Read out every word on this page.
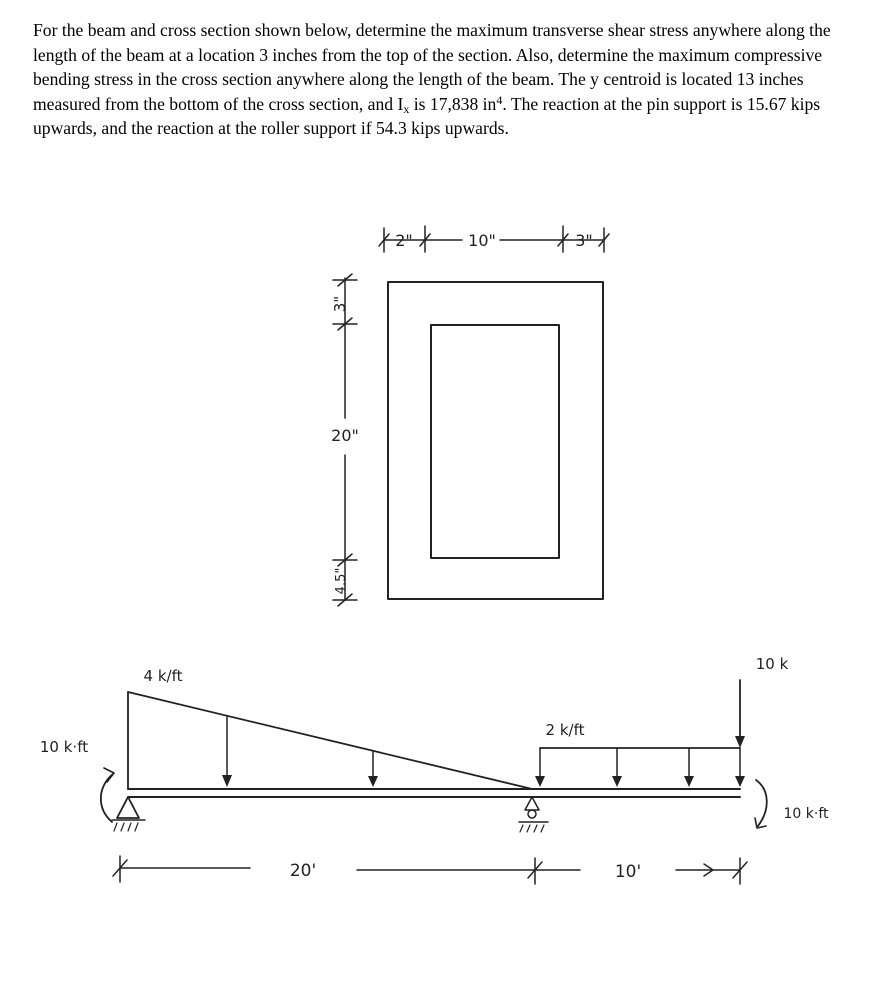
For the beam and cross section shown below, determine the maximum transverse shear stress anywhere along the length of the beam at a location 3 inches from the top of the section. Also, determine the maximum compressive bending stress in the cross section anywhere along the length of the beam. The y centroid is located 13 inches measured from the bottom of the cross section, and $I_x$ is 17,838 $in^4$. The reaction at the pin support is 15.67 kips upwards, and the reaction at the roller support if 54.3 kips upwards.

2"	10"	3"
3"
20"
4.5"
4 k/ft
2 k/ft
10 k
10 k·ft
10 k·ft
20'	10'
